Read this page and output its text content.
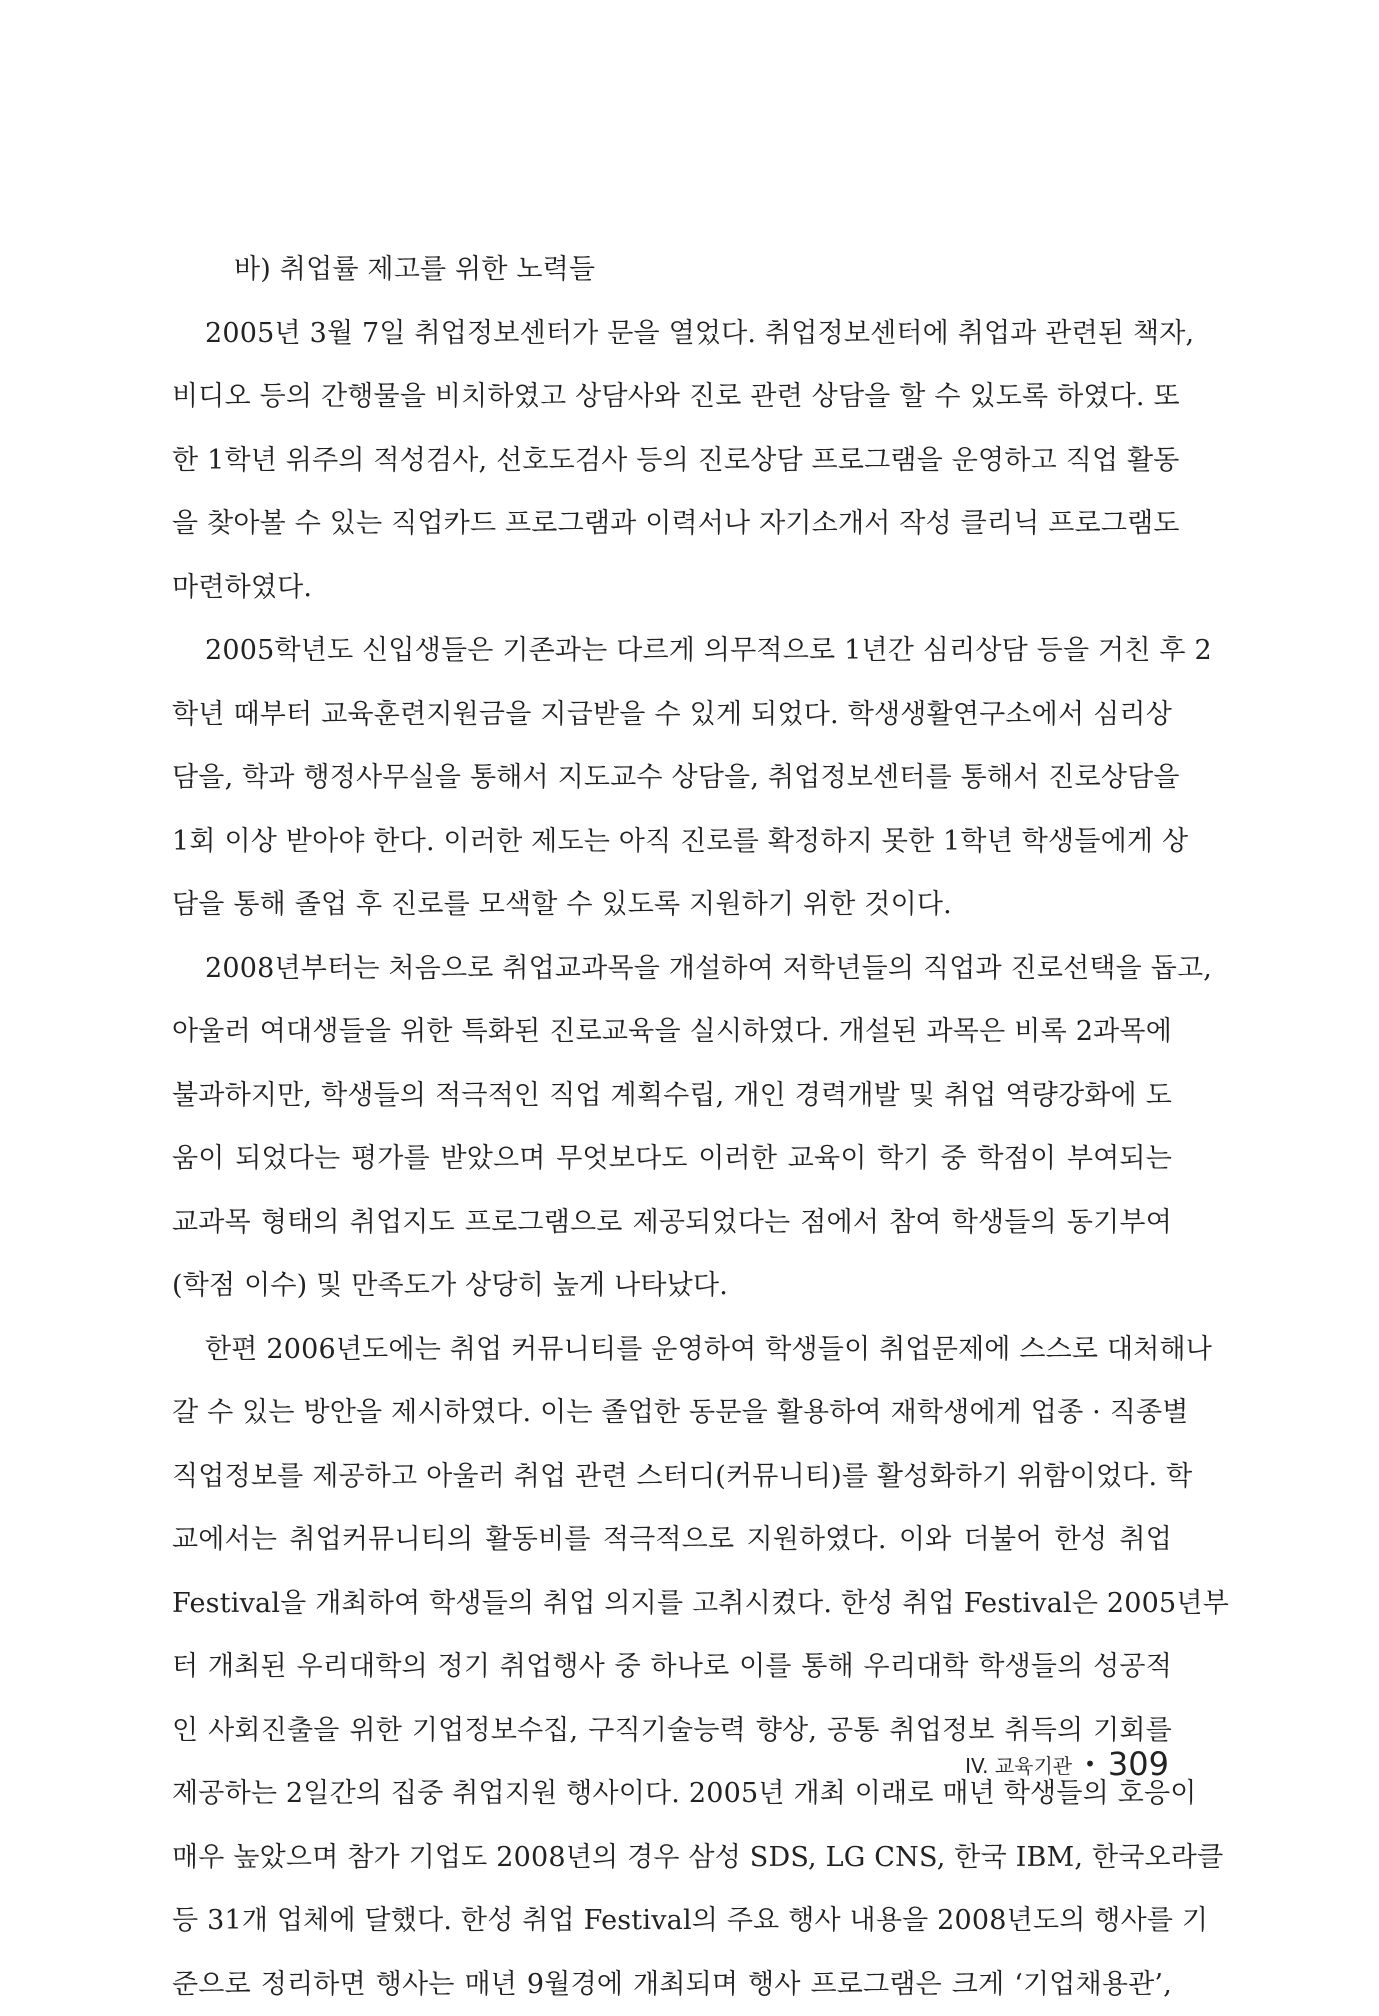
바) 취업률 제고를 위한 노력들
2005년 3월 7일 취업정보센터가 문을 열었다. 취업정보센터에 취업과 관련된 책자,
비디오 등의 간행물을 비치하였고 상담사와 진로 관련 상담을 할 수 있도록 하였다. 또
한 1학년 위주의 적성검사, 선호도검사 등의 진로상담 프로그램을 운영하고 직업 활동
을 찾아볼 수 있는 직업카드 프로그램과 이력서나 자기소개서 작성 클리닉 프로그램도
마련하였다.
2005학년도 신입생들은 기존과는 다르게 의무적으로 1년간 심리상담 등을 거친 후 2
학년 때부터 교육훈련지원금을 지급받을 수 있게 되었다. 학생생활연구소에서 심리상
담을, 학과 행정사무실을 통해서 지도교수 상담을, 취업정보센터를 통해서 진로상담을
1회 이상 받아야 한다. 이러한 제도는 아직 진로를 확정하지 못한 1학년 학생들에게 상
담을 통해 졸업 후 진로를 모색할 수 있도록 지원하기 위한 것이다.
2008년부터는 처음으로 취업교과목을 개설하여 저학년들의 직업과 진로선택을 돕고,
아울러 여대생들을 위한 특화된 진로교육을 실시하였다. 개설된 과목은 비록 2과목에
불과하지만, 학생들의 적극적인 직업 계획수립, 개인 경력개발 및 취업 역량강화에 도
움이 되었다는 평가를 받았으며 무엇보다도 이러한 교육이 학기 중 학점이 부여되는
교과목 형태의 취업지도 프로그램으로 제공되었다는 점에서 참여 학생들의 동기부여
(학점 이수) 및 만족도가 상당히 높게 나타났다.
한편 2006년도에는 취업 커뮤니티를 운영하여 학생들이 취업문제에 스스로 대처해나
갈 수 있는 방안을 제시하였다. 이는 졸업한 동문을 활용하여 재학생에게 업종 · 직종별
직업정보를 제공하고 아울러 취업 관련 스터디(커뮤니티)를 활성화하기 위함이었다. 학
교에서는 취업커뮤니티의 활동비를 적극적으로 지원하였다. 이와 더불어 한성 취업
Festival을 개최하여 학생들의 취업 의지를 고취시켰다. 한성 취업 Festival은 2005년부
터 개최된 우리대학의 정기 취업행사 중 하나로 이를 통해 우리대학 학생들의 성공적
인 사회진출을 위한 기업정보수집, 구직기술능력 향상, 공통 취업정보 취득의 기회를
제공하는 2일간의 집중 취업지원 행사이다. 2005년 개최 이래로 매년 학생들의 호응이
매우 높았으며 참가 기업도 2008년의 경우 삼성 SDS, LG CNS, 한국 IBM, 한국오라클
등 31개 업체에 달했다. 한성 취업 Festival의 주요 행사 내용을 2008년도의 행사를 기
준으로 정리하면 행사는 매년 9월경에 개최되며 행사 프로그램은 크게 ‘기업채용관’,
IV. 교육기관 • 309
